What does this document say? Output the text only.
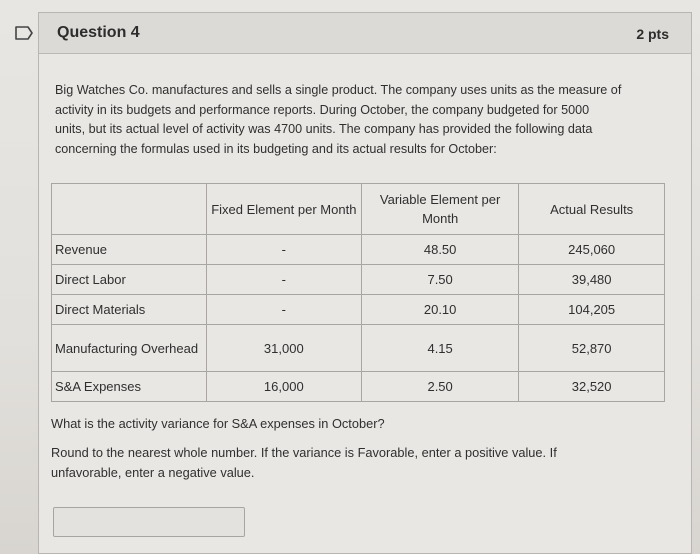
Question 4	2 pts

Big Watches Co. manufactures and sells a single product. The company uses units as the measure of
activity in its budgets and performance reports. During October, the company budgeted for 5000
units, but its actual level of activity was 4700 units. The company has provided the following data
concerning the formulas used in its budgeting and its actual results for October:

	Fixed Element per Month	Variable Element per Month	Actual Results
Revenue	-	48.50	245,060
Direct Labor	-	7.50	39,480
Direct Materials	-	20.10	104,205
Manufacturing Overhead	31,000	4.15	52,870
S&A Expenses	16,000	2.50	32,520

What is the activity variance for S&A expenses in October?

Round to the nearest whole number. If the variance is Favorable, enter a positive value. If
unfavorable, enter a negative value.
